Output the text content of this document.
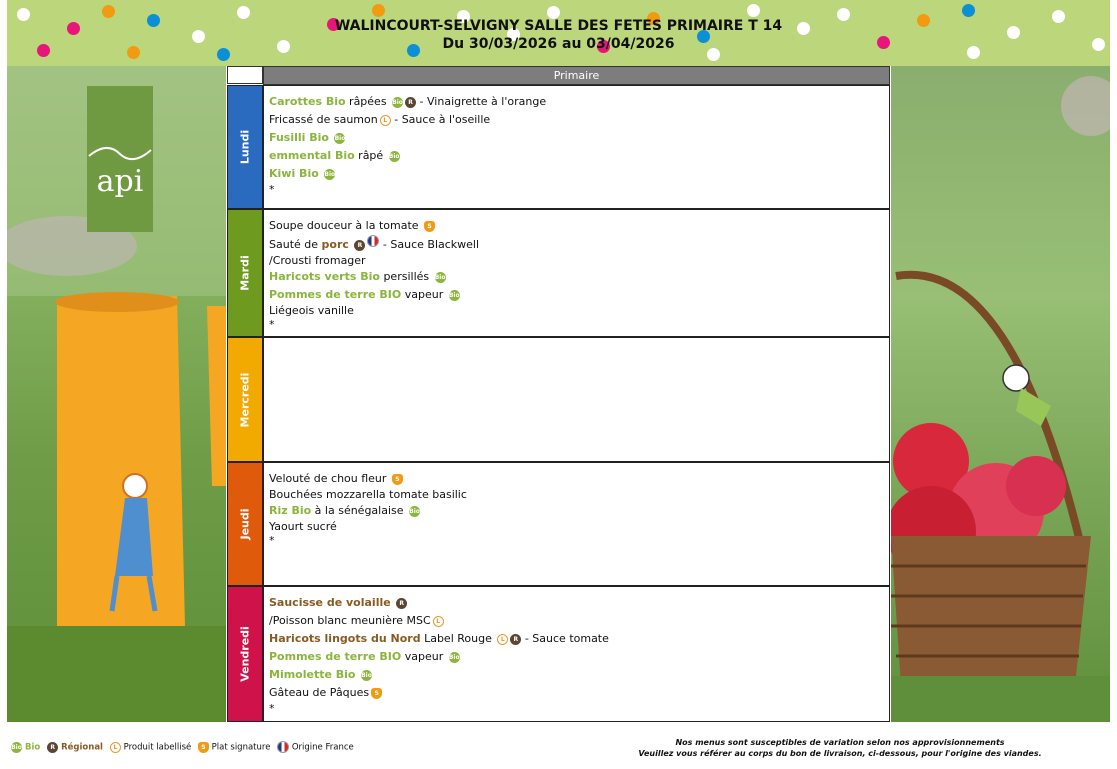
WALINCOURT-SELVIGNY SALLE DES FETES PRIMAIRE T 14
Du 30/03/2026 au 03/04/2026
api
Primaire
Lundi
Carottes Bio râpées Bio R - Vinaigrette à l'orange
Fricassé de saumon L - Sauce à l'oseille
Fusilli Bio Bio
emmental Bio râpé Bio
Kiwi Bio Bio
*
Mardi
Soupe douceur à la tomate S
Sauté de porc R - Sauce Blackwell
/Crousti fromager
Haricots verts Bio persillés Bio
Pommes de terre BIO vapeur Bio
Liégeois vanille
*
Mercredi
Jeudi
Velouté de chou fleur S
Bouchées mozzarella tomate basilic
Riz Bio à la sénégalaise Bio
Yaourt sucré
*
Vendredi
Saucisse de volaille R
/Poisson blanc meunière MSC L
Haricots lingots du Nord Label Rouge L R - Sauce tomate
Pommes de terre BIO vapeur Bio
Mimolette Bio Bio
Gâteau de Pâques S
*
Bio Bio R Régional L Produit labellisé S Plat signature  Origine France	Nos menus sont susceptibles de variation selon nos approvisionnements
Veuillez vous référer au corps du bon de livraison, ci-dessous, pour l'origine des viandes.
